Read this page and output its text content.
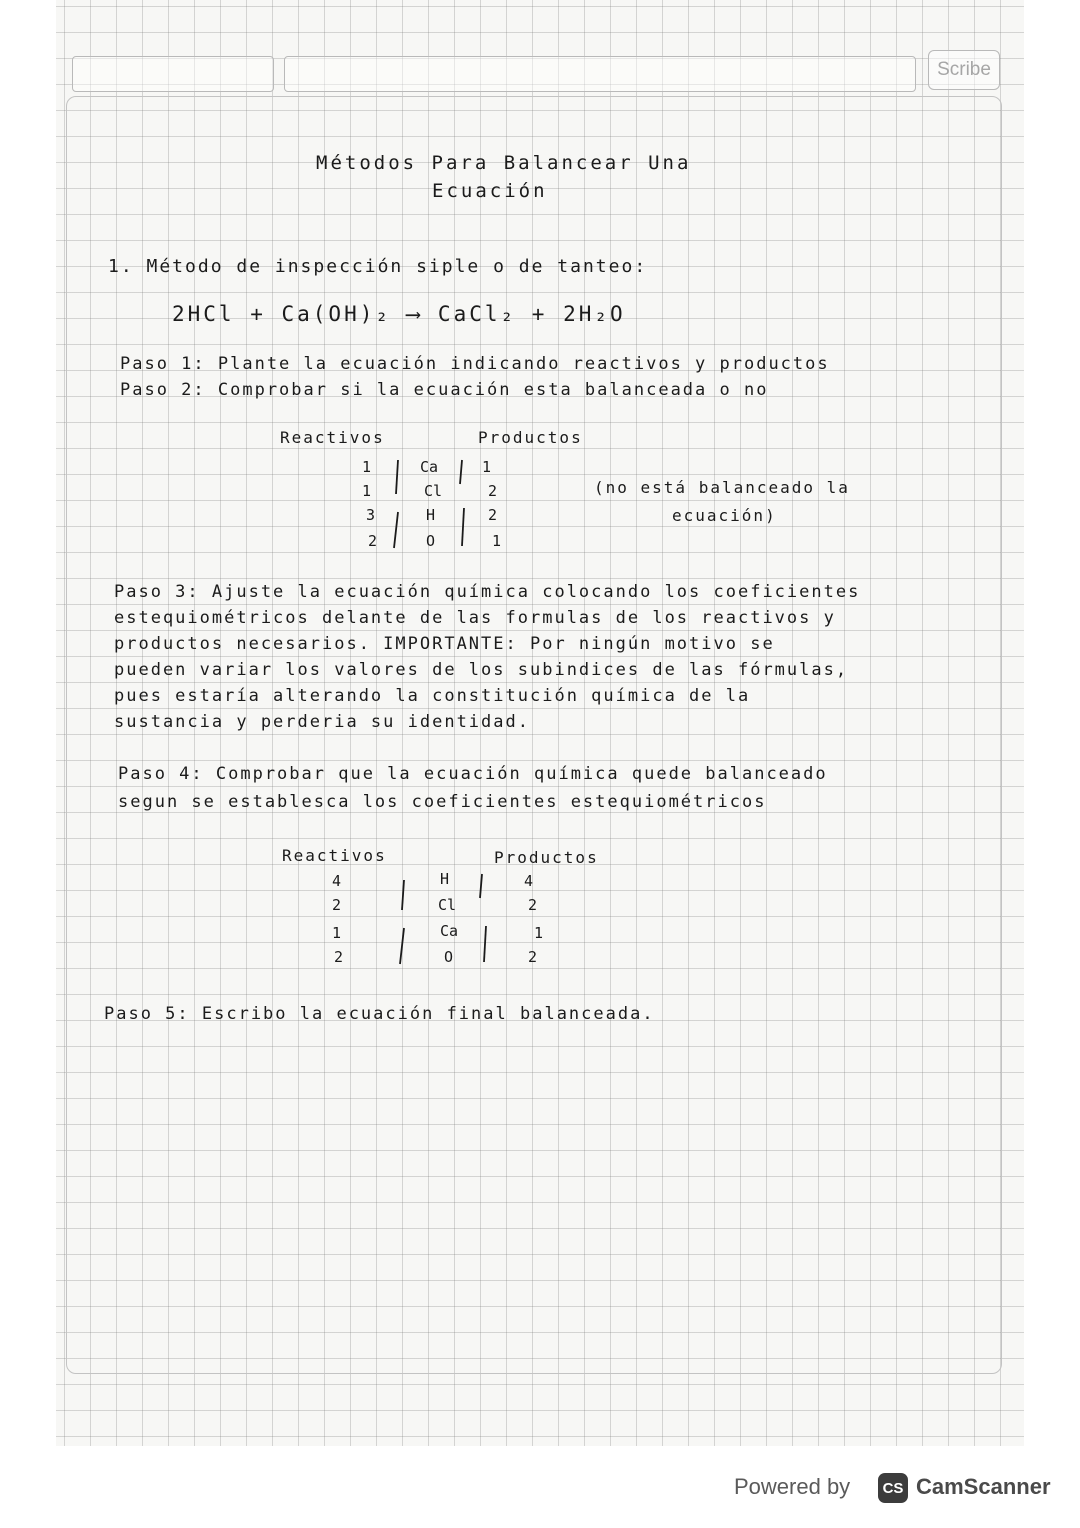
Scribe
Métodos Para Balancear Una
Ecuación
1. Método de inspección siple o de tanteo:
2HCl + Ca(OH)₂ ⟶ CaCl₂ + 2H₂O
Paso 1: Plante la ecuación indicando reactivos y productos
Paso 2: Comprobar si la ecuación esta balanceada o no
Reactivos	Productos
1	Ca	1
1	Cl	2
3	H	2
2	O	1
(no está balanceado la
ecuación)
Paso 3: Ajuste la ecuación química colocando los coeficientes
estequiométricos delante de las formulas de los reactivos y
productos necesarios. IMPORTANTE: Por ningún motivo se
pueden variar los valores de los subindices de las fórmulas,
pues estaría alterando la constitución química de la
sustancia y perderia su identidad.
Paso 4: Comprobar que la ecuación química quede balanceado
segun se establesca los coeficientes estequiométricos
Reactivos	Productos
4	H	4
2	Cl	2
1	Ca	1
2	O	2
Paso 5: Escribo la ecuación final balanceada.
Powered by	CS CamScanner
